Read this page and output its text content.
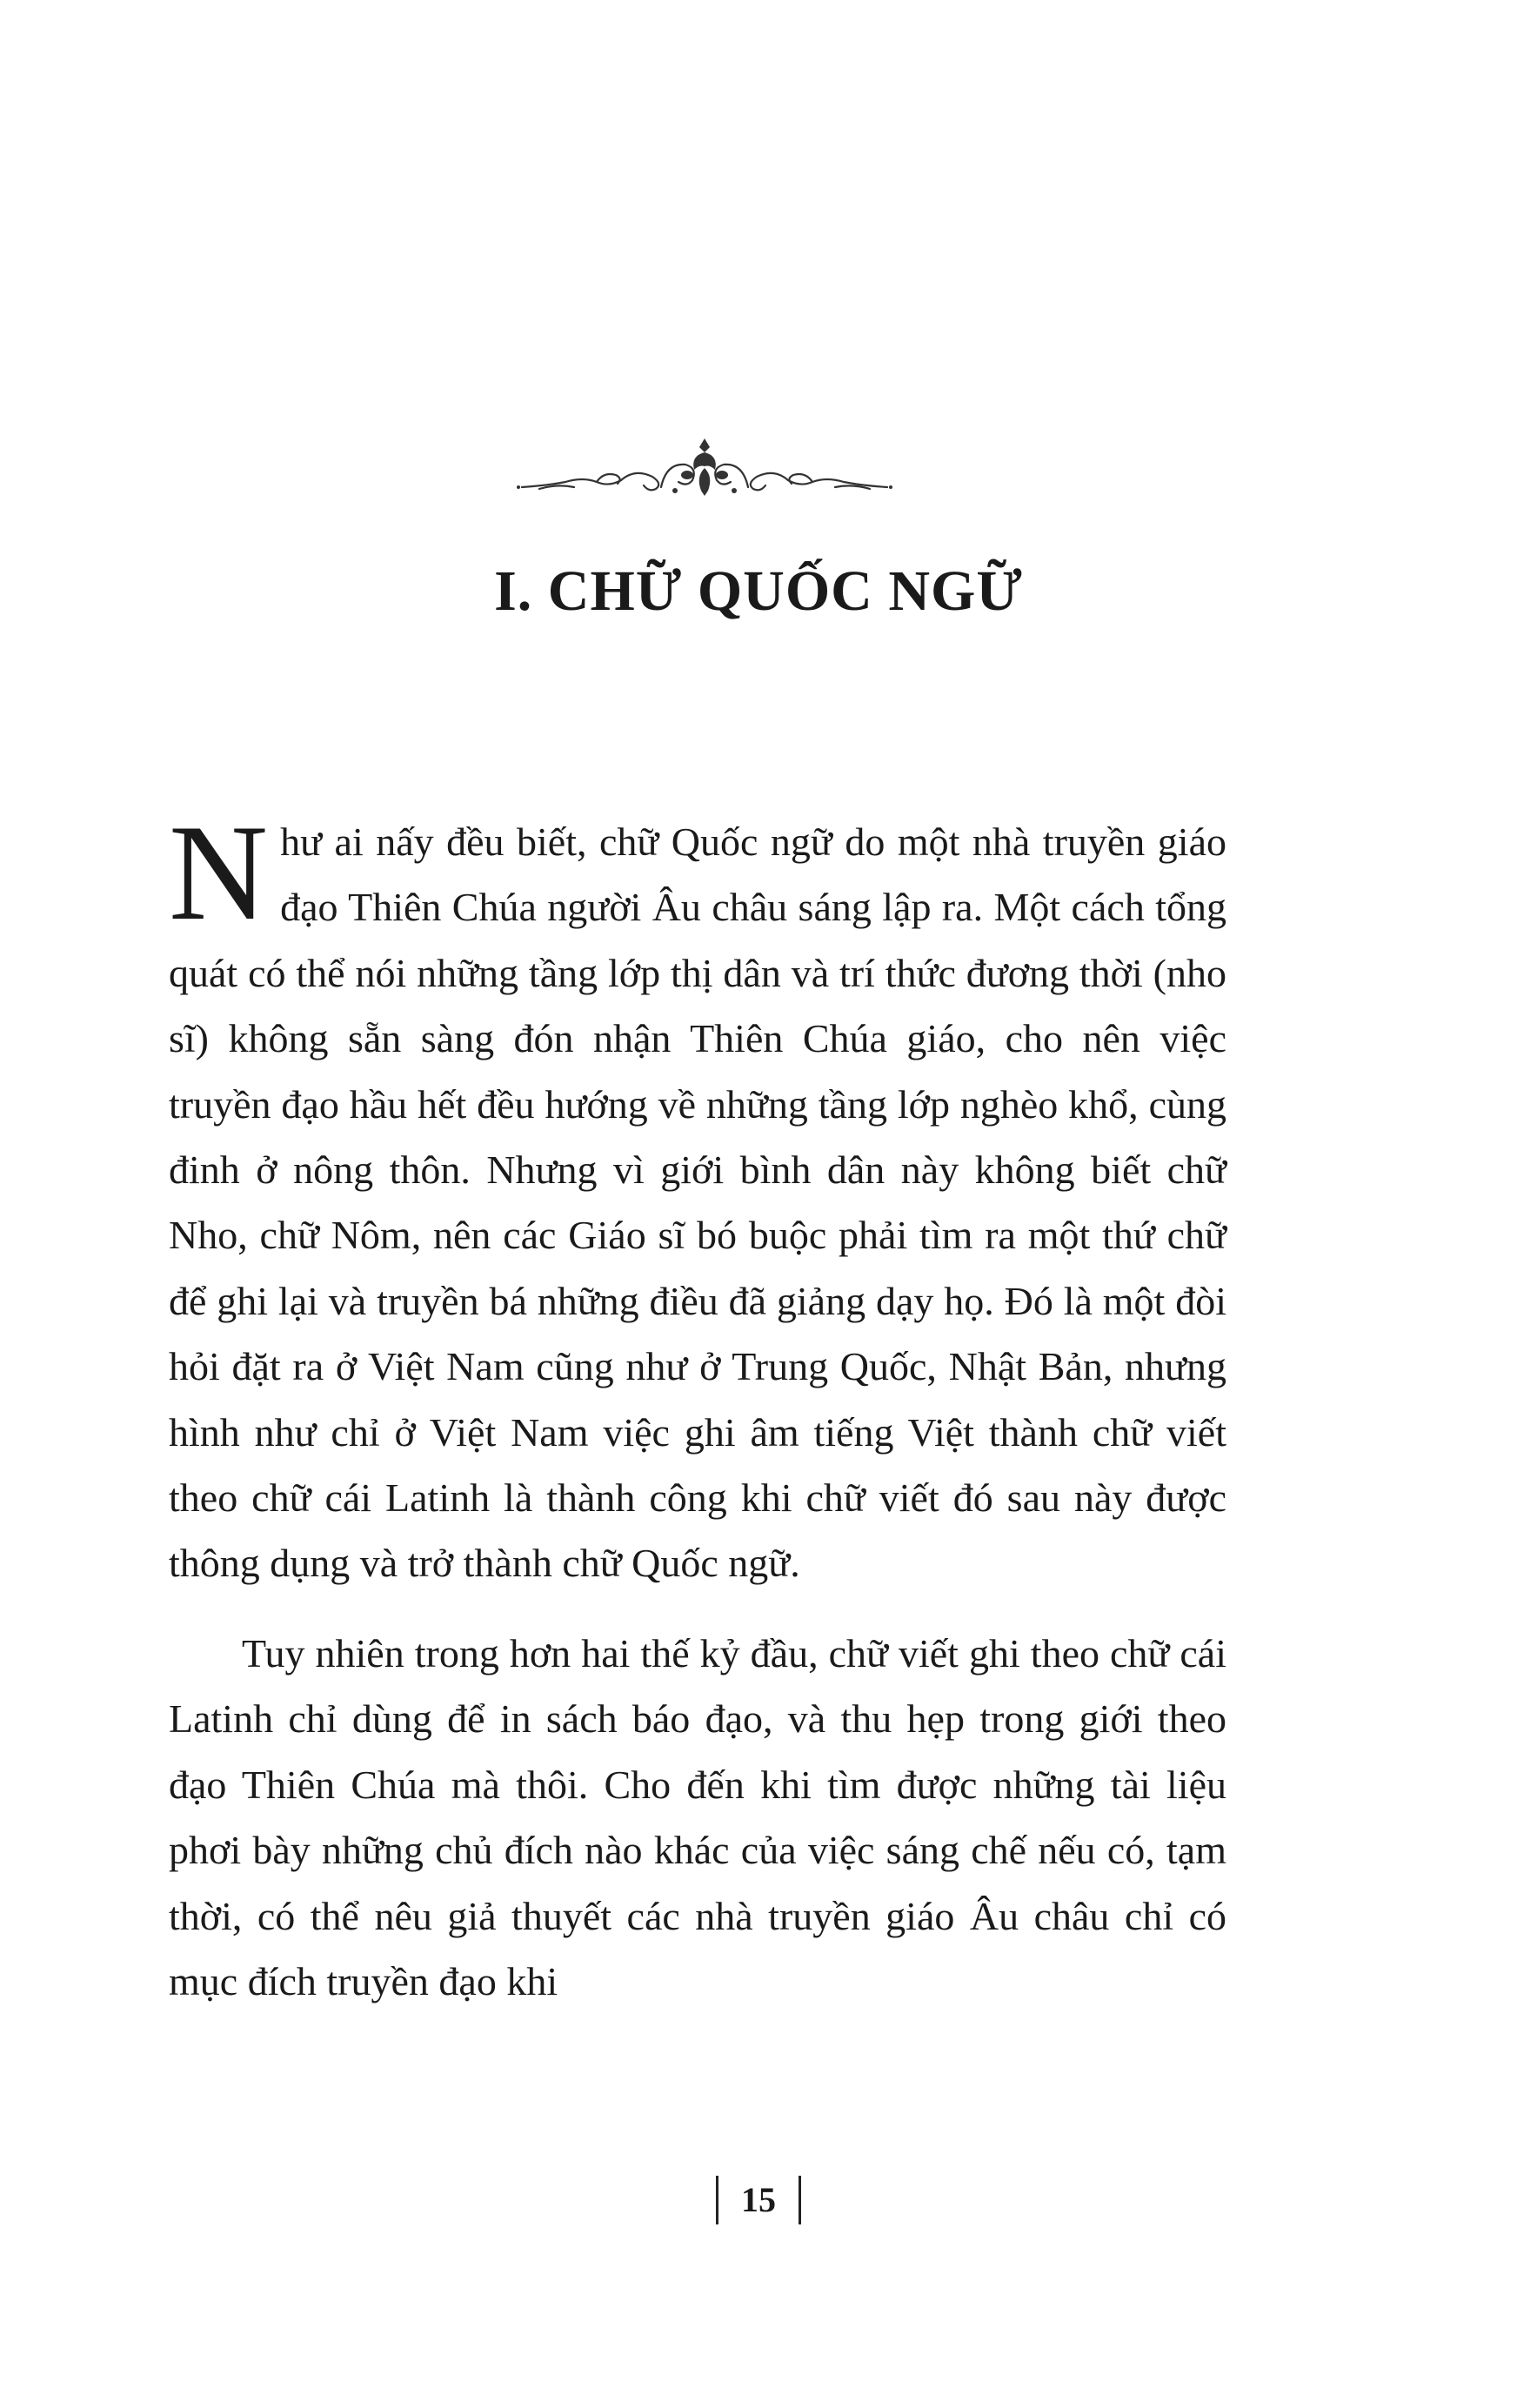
I. CHỮ QUỐC NGỮ

Như ai nấy đều biết, chữ Quốc ngữ do một nhà truyền giáo đạo Thiên Chúa người Âu châu sáng lập ra. Một cách tổng quát có thể nói những tầng lớp thị dân và trí thức đương thời (nho sĩ) không sẵn sàng đón nhận Thiên Chúa giáo, cho nên việc truyền đạo hầu hết đều hướng về những tầng lớp nghèo khổ, cùng đinh ở nông thôn. Nhưng vì giới bình dân này không biết chữ Nho, chữ Nôm, nên các Giáo sĩ bó buộc phải tìm ra một thứ chữ để ghi lại và truyền bá những điều đã giảng dạy họ. Đó là một đòi hỏi đặt ra ở Việt Nam cũng như ở Trung Quốc, Nhật Bản, nhưng hình như chỉ ở Việt Nam việc ghi âm tiếng Việt thành chữ viết theo chữ cái Latinh là thành công khi chữ viết đó sau này được thông dụng và trở thành chữ Quốc ngữ.

Tuy nhiên trong hơn hai thế kỷ đầu, chữ viết ghi theo chữ cái Latinh chỉ dùng để in sách báo đạo, và thu hẹp trong giới theo đạo Thiên Chúa mà thôi. Cho đến khi tìm được những tài liệu phơi bày những chủ đích nào khác của việc sáng chế nếu có, tạm thời, có thể nêu giả thuyết các nhà truyền giáo Âu châu chỉ có mục đích truyền đạo khi

15
